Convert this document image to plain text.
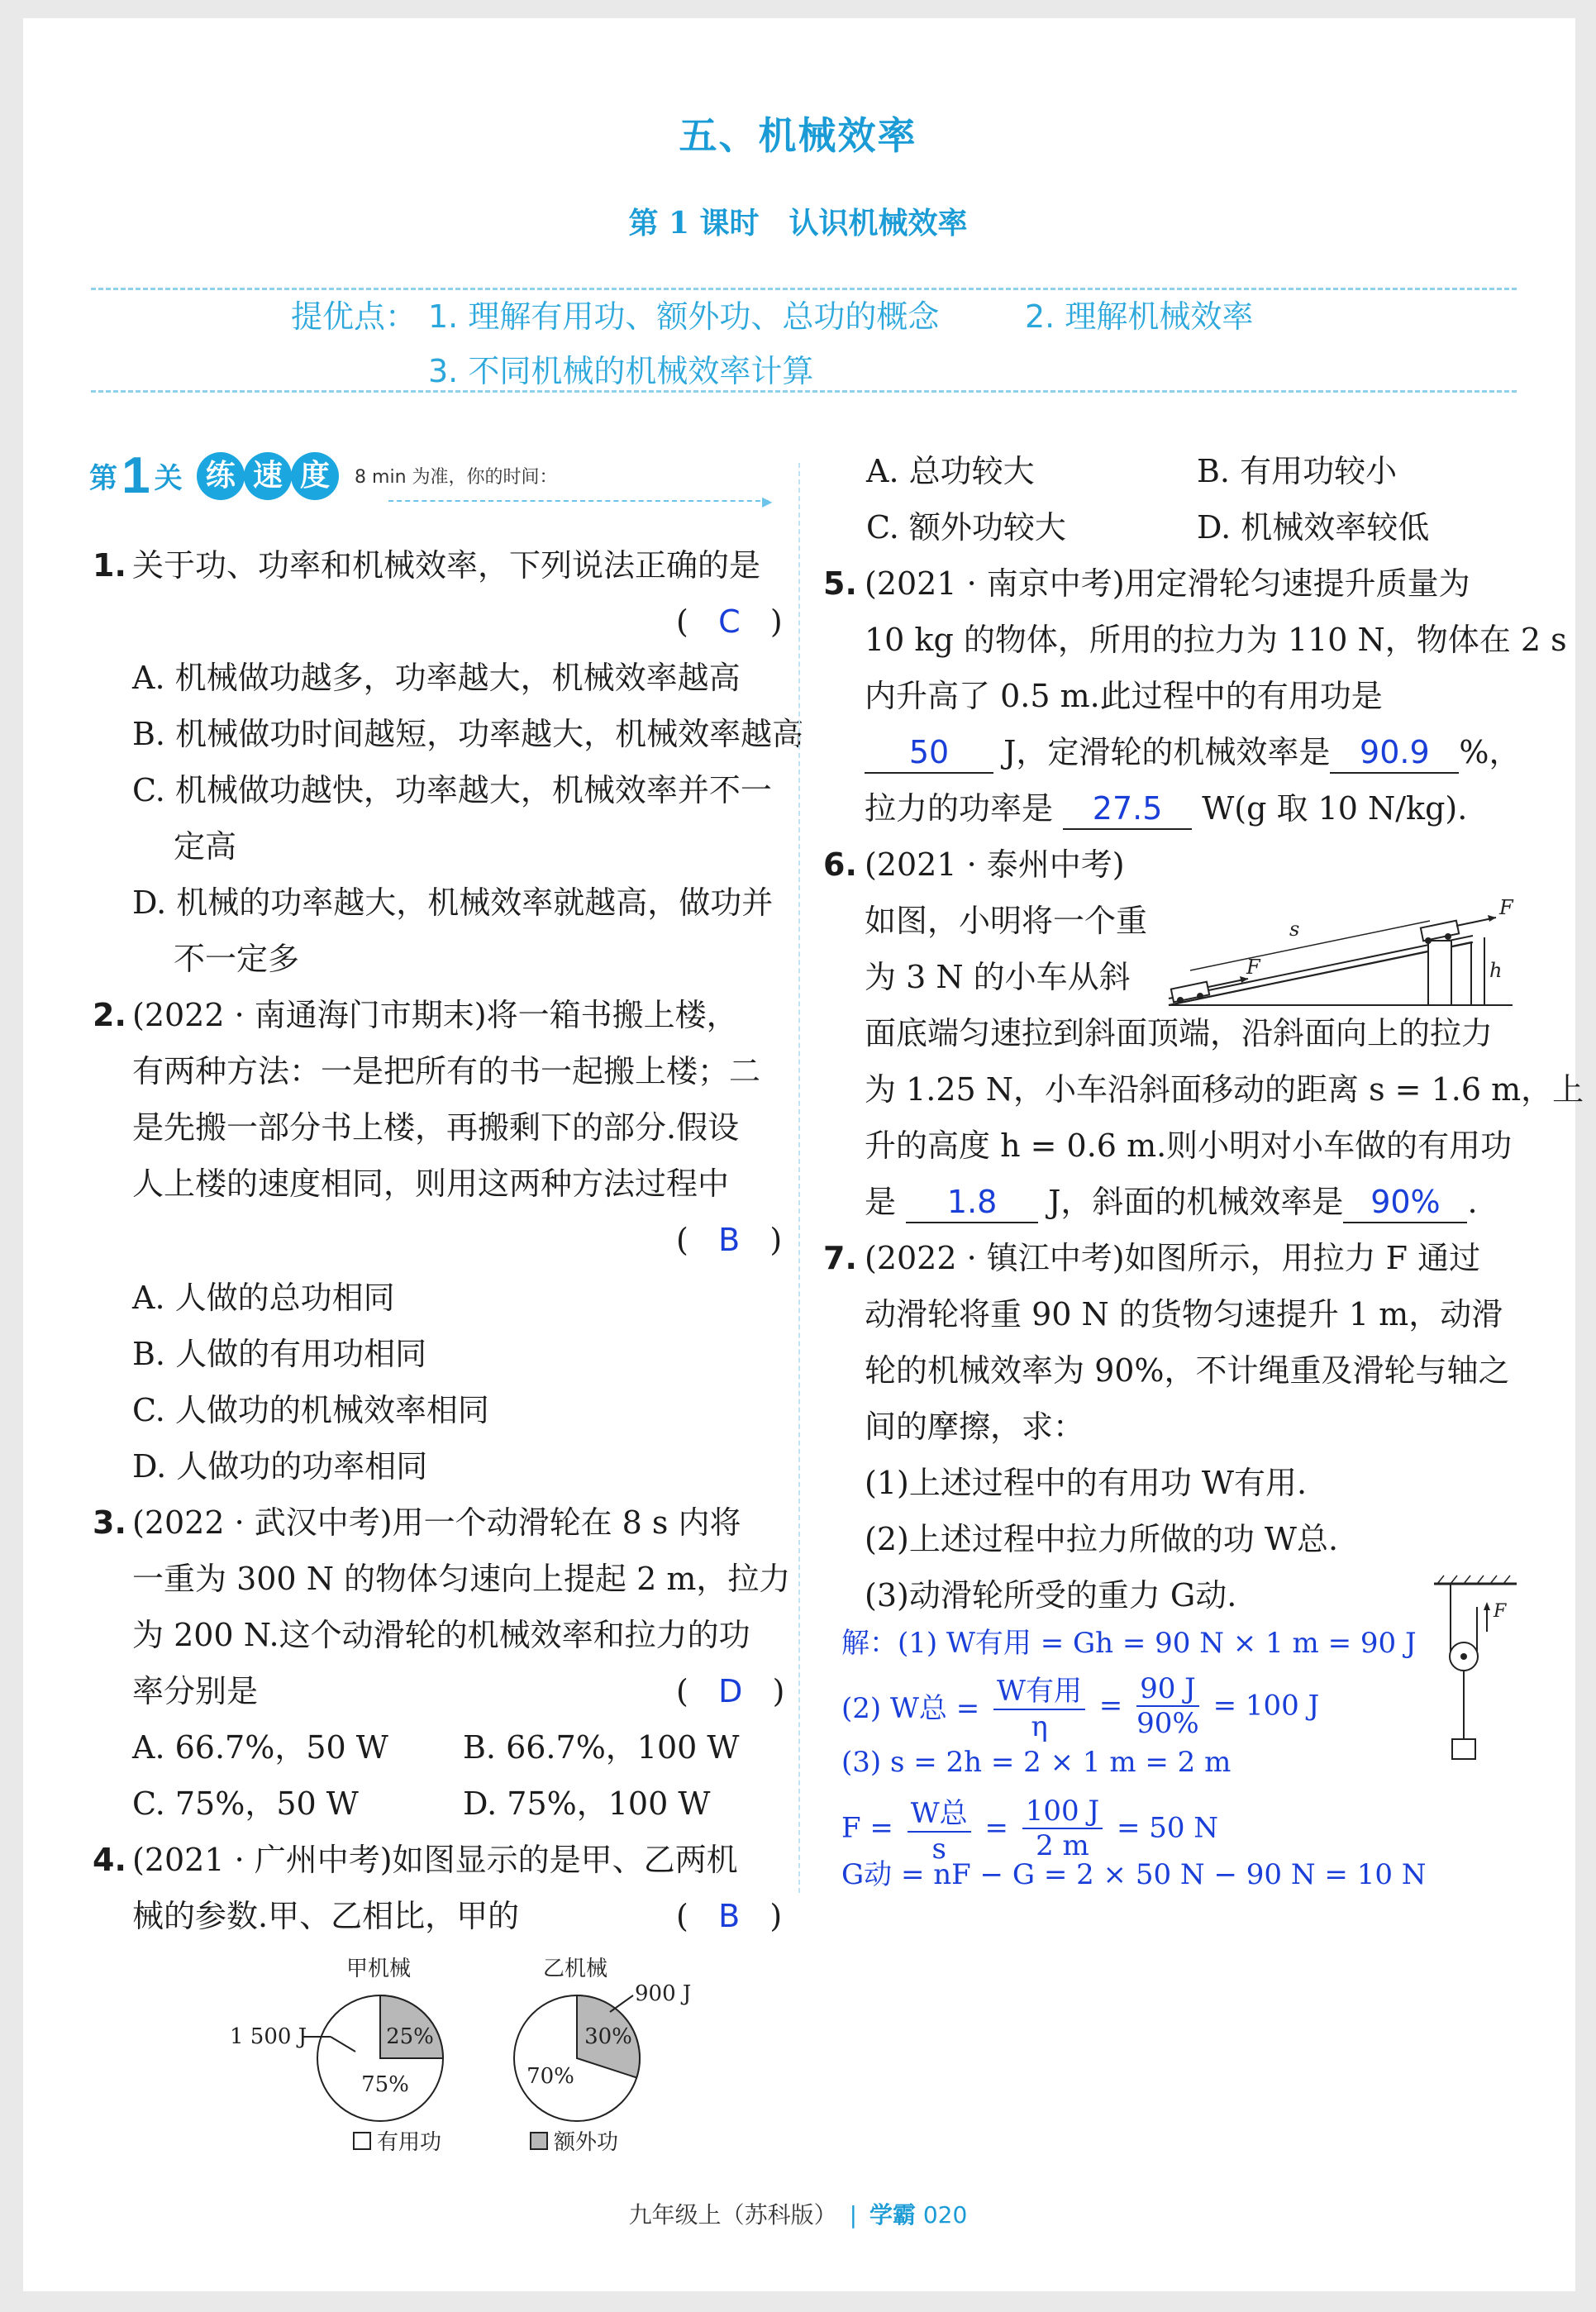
五、机械效率
第 1 课时　认识机械效率
提优点： 1. 理解有用功、额外功、总功的概念	2. 理解机械效率
3. 不同机械的机械效率计算
第 1 关 练 速 度 8 min 为准，你的时间：
▶
1. 关于功、功率和机械效率，下列说法正确的是
(   C   )
A. 机械做功越多，功率越大，机械效率越高
B. 机械做功时间越短，功率越大，机械效率越高
C. 机械做功越快，功率越大，机械效率并不一
定高
D. 机械的功率越大，机械效率就越高，做功并
不一定多
2. (2022 · 南通海门市期末)将一箱书搬上楼，
有两种方法：一是把所有的书一起搬上楼；二
是先搬一部分书上楼，再搬剩下的部分.假设
人上楼的速度相同，则用这两种方法过程中
(   B   )
A. 人做的总功相同
B. 人做的有用功相同
C. 人做功的机械效率相同
D. 人做功的功率相同
3. (2022 · 武汉中考)用一个动滑轮在 8 s 内将
一重为 300 N 的物体匀速向上提起 2 m，拉力
为 200 N.这个动滑轮的机械效率和拉力的功
率分别是	(   D   )
A. 66.7%，50 W B. 66.7%，100 W
C. 75%，50 W	D. 75%，100 W
4. (2021 · 广州中考)如图显示的是甲、乙两机
械的参数.甲、乙相比，甲的	(   B   )
甲机械	乙机械
1 500 J	25%
75%
900 J
30%
70%
有用功	额外功
A. 总功较大	B. 有用功较小
C. 额外功较大	D. 机械效率较低
5. (2021 · 南京中考)用定滑轮匀速提升质量为
10 kg 的物体，所用的拉力为 110 N，物体在 2 s
内升高了 0.5 m.此过程中的有用功是
50 J，定滑轮的机械效率是 90.9 %，
拉力的功率是 27.5 W(g 取 10 N/kg).
6. (2021 · 泰州中考)
如图，小明将一个重
为 3 N 的小车从斜
面底端匀速拉到斜面顶端，沿斜面向上的拉力
为 1.25 N，小车沿斜面移动的距离 s = 1.6 m，上
升的高度 h = 0.6 m.则小明对小车做的有用功
是 1.8 J，斜面的机械效率是 90% .
h
F
F
s
7. (2022 · 镇江中考)如图所示，用拉力 F 通过
动滑轮将重 90 N 的货物匀速提升 1 m，动滑
轮的机械效率为 90%，不计绳重及滑轮与轴之
间的摩擦，求：
(1)上述过程中的有用功 W有用.
(2)上述过程中拉力所做的功 W总.
(3)动滑轮所受的重力 G动.	F
解：(1) W有用 = Gh = 90 N × 1 m = 90 J
(2) W总 =
W有用
η
= $\frac{90 J}{90\%} = 100$ J
(3) s = 2h = 2 × 1 m = 2 m
F = W总
s
= $\frac{100 J}{2 m} = 50$ N
G动 = nF − G = 2 × 50 N − 90 N = 10 N
九年级上（苏科版） | 学霸 020
